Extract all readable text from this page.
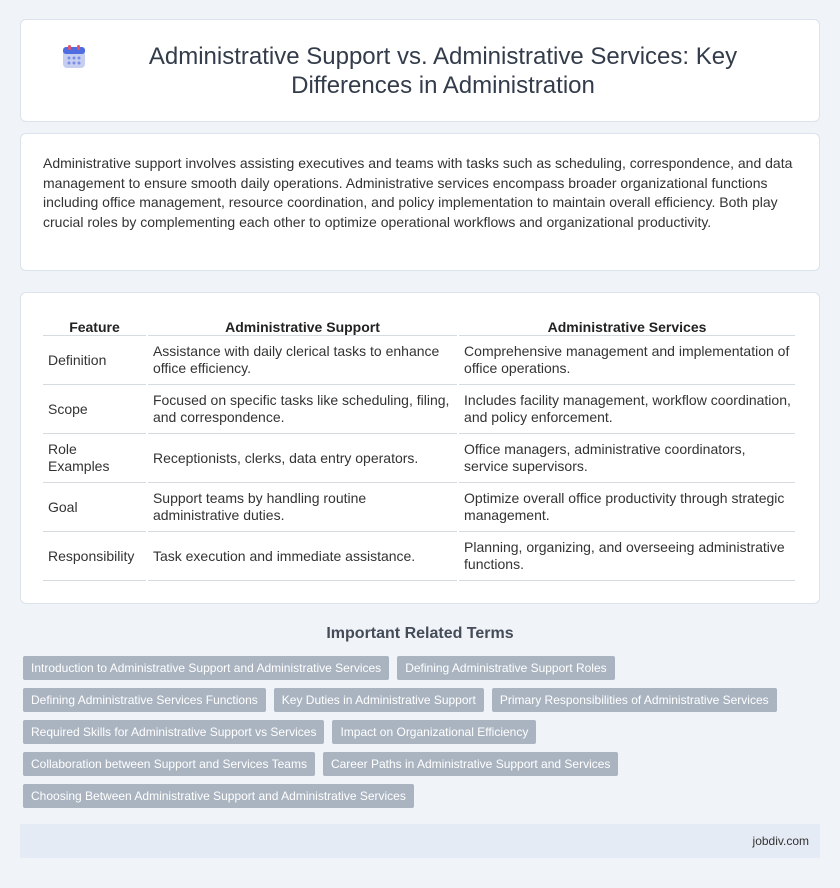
Administrative Support vs. Administrative Services: Key Differences in Administration

Administrative support involves assisting executives and teams with tasks such as scheduling, correspondence, and data management to ensure smooth daily operations. Administrative services encompass broader organizational functions including office management, resource coordination, and policy implementation to maintain overall efficiency. Both play crucial roles by complementing each other to optimize operational workflows and organizational productivity.

Feature	Administrative Support	Administrative Services
Definition	Assistance with daily clerical tasks to enhance office efficiency.	Comprehensive management and implementation of office operations.
Scope	Focused on specific tasks like scheduling, filing, and correspondence.	Includes facility management, workflow coordination, and policy enforcement.
Role Examples	Receptionists, clerks, data entry operators.	Office managers, administrative coordinators, service supervisors.
Goal	Support teams by handling routine administrative duties.	Optimize overall office productivity through strategic management.
Responsibility	Task execution and immediate assistance.	Planning, organizing, and overseeing administrative functions.
Important Related Terms
Introduction to Administrative Support and Administrative Services	Defining Administrative Support Roles
Defining Administrative Services Functions	Key Duties in Administrative Support	Primary Responsibilities of Administrative Services
Required Skills for Administrative Support vs Services	Impact on Organizational Efficiency
Collaboration between Support and Services Teams	Career Paths in Administrative Support and Services
Choosing Between Administrative Support and Administrative Services
jobdiv.com
